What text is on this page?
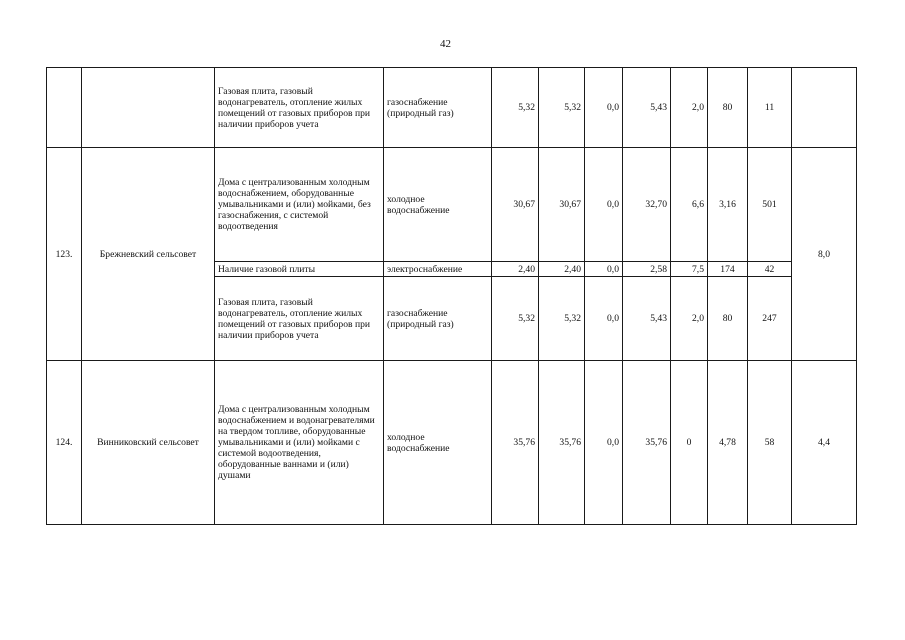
42
		Газовая плита, газовый водонагреватель, отопление жилых помещений от газовых приборов при наличии приборов учета	газоснабжение (природный газ)	5,32	5,32	0,0	5,43	2,0	80	11	
123.	Брежневский сельсовет	Дома с централизованным холодным водоснабжением, оборудованные умывальниками и (или) мойками, без газоснабжения, с системой водоотведения	холодное водоснабжение	30,67	30,67	0,0	32,70	6,6	3,16	501	8,0
		Наличие газовой плиты	электроснабжение	2,40	2,40	0,0	2,58	7,5	174	42	
		Газовая плита, газовый водонагреватель, отопление жилых помещений от газовых приборов при наличии приборов учета	газоснабжение (природный газ)	5,32	5,32	0,0	5,43	2,0	80	247	
124.	Винниковский сельсовет	Дома с централизованным холодным водоснабжением и водонагревателями на твердом топливе, оборудованные умывальниками и (или) мойками с системой водоотведения, оборудованные ваннами и (или) душами	холодное водоснабжение	35,76	35,76	0,0	35,76	0	4,78	58	4,4
